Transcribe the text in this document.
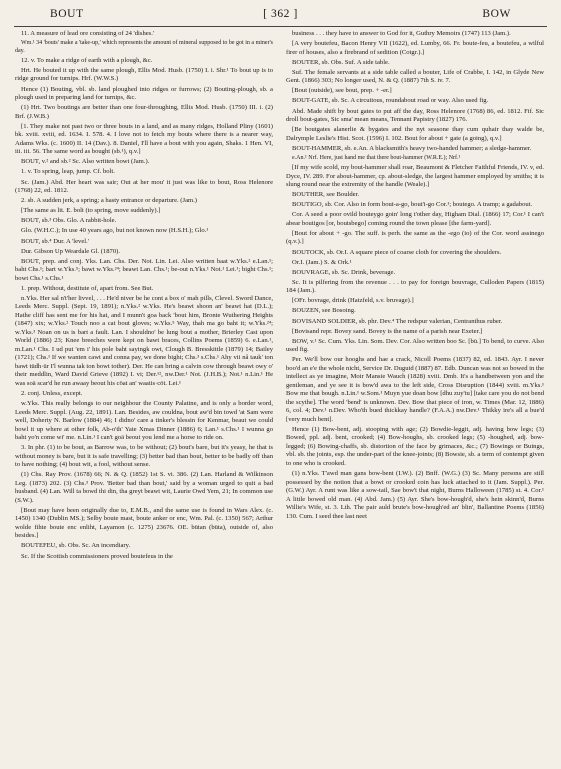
BOUT	[ 362 ]	BOW

11. A measure of lead ore consisting of 24 'dishes.'

Wm.¹ 34 'bouts' make a 'take-up,' which represents the amount of mineral supposed to be got in a miner's day.

12. v. To make a ridge of earth with a plough, &c.

Hrt. He bouted it up with the same plough, Ellis Mod. Husb. (1750) I. i. Shr.¹ To bout up is to ridge ground for turnips. Hrf. (W.W.S.)

Hence (1) Bouting, vbl. sb. land ploughed into ridges or furrows; (2) Bouting-plough, sb. a plough used in preparing land for turnips, &c.

(1) Hrt. Two boutings are better than one four-throughing, Ellis Mod. Husb. (1750) III. i. (2) Brf. (J.W.B.)

[1. They make not past two or three bouts in a land, and as many ridges, Holland Pliny (1601) bk. xviii. xviii, ed. 1634. I. 578. 4. I love not to fetch my bouts where there is a nearer way, Adams Wks. (c. 1600) II. 14 (Dav.). 8. Daniel, I'll have a bout with you again, Shaks. 1 Hen. VI, iii. iii. 56. The same word as bought (sb.¹), q.v.]

BOUT, v.² and sb.² Sc. Also written bowt (Jam.).

1. v. To spring, leap, jump. Cf. bolt.

Sc. (Jam.) Abd. Her heart was sair; Out at her mou' it just was like to bout, Ross Helenore (1768) 22, ed. 1812.

2. sb. A sudden jerk, a spring; a hasty entrance or departure. (Jam.)

[The same as lit. E. bolt (to spring, move suddenly).]

BOUT, sb.³ Obs. Glo. A rabbit-hole.

Glo. (W.H.C.); In use 40 years ago, but not known now (H.S.H.); Glo.¹

BOUT, sb.⁴ Dur. A 'level.'

Dur. Gibson Up Weardale Gl. (1870).

BOUT, prep. and conj. Yks. Lan. Chs. Der. Not. Lin. Lei. Also written baat w.Yks.² e.Lan.¹; baht Chs.¹; bart w.Yks.⁵; bawt w.Yks.²⁴; beawt Lan. Chs.¹; be-out n.Yks.¹ Not.¹ Lei.¹; bight Chs.¹; bowt Chs.¹ s.Chs.¹

1. prep. Without, destitute of, apart from. See But.

n.Yks. Her sal n't'her livvel, . . . He'd niver be he cont a box o' mah pills, Clevel. Sword Dance, Leeds Merc. Suppl. (Sept. 19, 1891); n.Yks.² w.Yks. He's beawt shoon an' beawt hat (D.L.); Hathe cliff has sent me for his hat, and I munn't goa back 'bout him, Bronte Wuthering Heights (1847) xix; w.Yks.² Touch noo a cat bout gloves; w.Yks.⁵ Way, thah ma go baht it; w.Yks.²⁴; w.Yks.³ Noan on us is bart a fault. Lan. I shouldno' be lung bout a mother, Brierley Cast upon World (1886) 23; Knee breeches were kept on bawt braces, Collins Poems (1859) 6. e.Lan.¹, m.Lan.¹ Chs. I ud put 'em i' his pole baht sayingk owt, Clough B. Bresskittle (1879) 14; Bailey (1721); Chs.¹ If we wanten cawt and conna pay, we done bight; Chs.³ s.Chs.¹ Ahy vii nâ tauk' ton bawt tüdh·ür I'l wunna tak ton bowt tother). Der. He can bring a calvin cow through beawt owy o' their meddlin, Ward David Grieve (1892) I. vi; Der.¹², nw.Der.¹ Not. (J.H.B.); Not.¹ n.Lin.¹ He was soä scar'd he run awaay beout his cöat an' waaiis·cöt. Lei.¹

2. conj. Unless, except.

w.Yks. This really belongs to our neighbour the County Palatine, and is only a border word, Leeds Merc. Suppl. (Aug. 22, 1891). Lan. Besides, aw couldna, bout aw'd bin towd 'at Sam were well, Doherty N. Barlow (1884) 46; I didno' care a tinker's blessin for Kenmar, beaut we could bowl it up where at other folk, Ab-o'th' Yate Xmas Dinner (1886) 6; Lan.¹ s.Chs.¹ I wunna go baht yo'n come wi' me. n.Lin.¹ I can't goä beout you lend me a horse to ride on.

3. In phr. (1) to be bout, as Barrow was, to be without; (2) bout's bare, but it's yeasy, he that is without money is bare, but it is safe travelling; (3) better bad than bout, better to be badly off than to have nothing; (4) bout wit, a fool, without sense.

(1) Chs. Ray Prov. (1678) 66; N. & Q. (1852) 1st S. vi. 386. (2) Lan. Harland & Wilkinson Leg. (1873) 202. (3) Chs.³ Prov. 'Better bad than bout,' said by a woman urged to quit a bad husband. (4) Lan. Will ta bowd thi din, tha greyt beawt wit, Laurie Owd Yem, 21; In common use (S.W.).

[Bout may have been originally due to, E.M.B., and the same use is found in Wars Alex. (c. 1450) 1340 (Dublin MS.); Selby boute mast, boute anker or enc, Wm. Pal. (c. 1350) 567; Arthur wolde fihte boute enc enliht, Layamon (c. 1275) 23676. OE. bütan (büta), outside of, also besides.]

BOUTEFEU, sb. Obs. Sc. An incendiary.

Sc. If the Scottish commissioners proved boutefeus in the

business . . . they have to answer to God for it, Guthry Memoirs (1747) 113 (Jam.).

[A very boutefeu, Bacon Henry VII (1622), ed. Lumby, 66. Fr. boute-feu, a boutefeu, a wilful firer of houses, also a firebrand of sedition (Cotgr.).]

BOUTER, sb. Obs. Suf. A side table.

Suf. The female servants at a side table called a bouter, Life of Crabbe, I. 142, in Glyde New Gent. (1866) 303; No longer used, N. & Q. (1887) 7th S. iv. 7.

[Bout (outside), see bout, prep. + -er.]

BOUT-GATE, sb. Sc. A circuitous, roundabout road or way. Also used fig.

Abd. Made shift by bout gates to put aff the day, Ross Helenore (1768) 86, ed. 1812. Fif. Sic droll bout-gates, Sic sma' mean means, Tennant Papistry (1827) 176.

[Be boutgates alanerlie & bygates and the nyt seasone thay cum quhair thay walde be, Dalrymple Leslie's Hist. Scot. (1596) I. 102. Bout for about + gate (a going), q.v.]

BOUT-HAMMER, sb. e.An. A blacksmith's heavy two-handed hammer; a sledge-hammer.

e.An.¹ Nrf. Here, just hand me that there bout-hammer (W.R.E.); Nrf.¹

[If my wife scold, my bout-hammer shall roar, Beaumont & Fletcher Faithful Friends, IV. v, ed. Dyce, IV. 289. For about-hammer, cp. about-sledge, the largest hammer employed by smiths; it is slung round near the extremity of the handle (Weale).]

BOUTHER, see Boulder.

BOUTIGO, sb. Cor. Also in form bout-a-go, bout'i-go Cor.¹; boutego. A tramp; a gadabout.

Cor. A seed a poor ovild bouteygo goin' long t'other day, Higham Dial. (1866) 17; Cor.¹ I can't abear boutigos [or, boutsbego] coming round the town please [the farm-yard].

[Bout for about + -go. The suff. is perh. the same as the -ego (io) of the Cor. word assinego (q.v.).]

BOUTOCK, sb. Or.I. A square piece of coarse cloth for covering the shoulders.

Or.I. (Jam.) S. & Ork.¹

BOUVRAGE, sb. Sc. Drink, beverage.

Sc. It is pilfering from the revenue . . . to pay for foreign bouvrage, Culloden Papers (1815) 184 (Jam.).

[OFr. bovrage, drink (Hatzfeld, s.v. bruvage).]

BOUZEN, see Bosoing.

BOVISAND SOLDIER, sb. phr. Dev.⁴ The redspur valerian, Centranthus ruber.

[Bovisand repr. Bovey sand. Bovey is the name of a parish near Exeter.]

BOW, v.¹ Sc. Cum. Yks. Lin. Som. Dev. Cor. Also written boo Sc. [bū.] To bend, to curve. Also used fig.

Per. We'll bow our hooghs and hae a crack, Nicoll Poems (1837) 82, ed. 1843. Ayr. I never boo'd an e'e the whole nicht, Service Dr. Duguid (1887) 87. Edb. Duncan was not so bowed in the intellect as ye imagine, Moir Mansie Wauch (1828) xviii. Dmb. It's a handbetween yon and the gentleman, and ye see it is bow'd awa to the left side, Cross Disruption (1844) xviii. m.Yks.¹ Bow me that bough. n.Lin.¹ w.Som.¹ Muyn yue doan bow [dhu zuy'tu] [take care you do not bend the scythe]. The word 'bend' is unknown. Dev. Bow that piece of iron, w. Times (Mar. 12, 1886) 6, col. 4; Dev.¹ n.Dev. Who'th bued thickkay handle? (F.A.A.) nw.Dev.¹ Thikky ire's all a bue'd [very much bent].

Hence (1) Bow-bent, adj. stooping with age; (2) Bowdie-leggit, adj. having bow legs; (3) Bowed, ppl. adj. bent, crooked; (4) Bow-houghs, sb. crooked legs; (5) -houghed, adj. bow-legged; (6) Bowing-chaffs, sb. distortion of the face by grimaces, &c.; (7) Bowings or Buings, vbl. sb. the joints, esp. the under-part of the knee-joints; (8) Bowsie, sb. a term of contempt given to one who is crooked.

(1) n.Yks. T'awd man gans bow-bent (I.W.). (2) Bnff. (W.G.) (3) Sc. Many persons are still possessed by the notion that a bowt or crooked coin has luck attached to it (Jam. Suppl.). Per. (G.W.) Ayr. A runt was like a sow-tail, Sae bow't that night, Burns Halloween (1785) st. 4. Cor.¹ A little bowed old man. (4) Abd. Jam.) (5) Ayr. She's bow-hough'd, she's hein skinn'd, Burns Willie's Wife, st. 3. Lth. The pair auld brute's bow-hough'ed an' blin', Ballantine Poems (1856) 130. Cum. I seed thee last neet
